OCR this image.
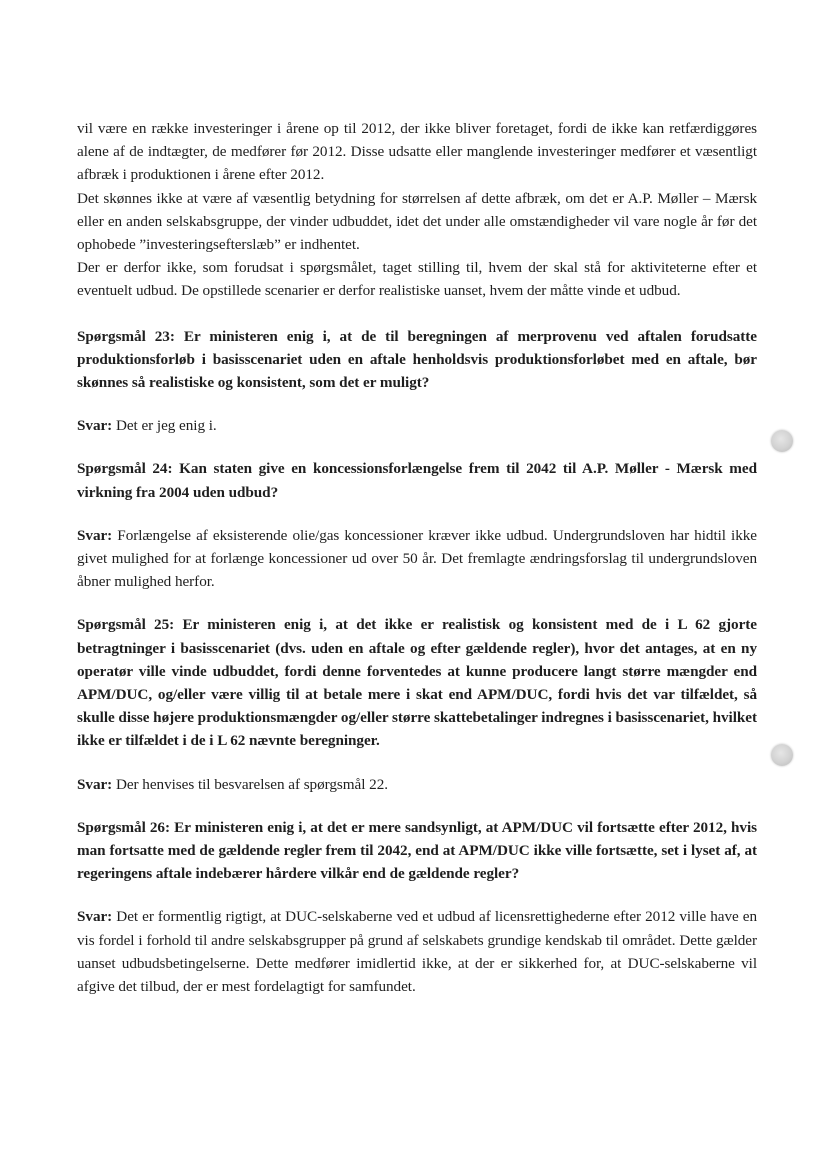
vil være en række investeringer i årene op til 2012, der ikke bliver foretaget, fordi de ikke kan retfærdiggøres alene af de indtægter, de medfører før 2012. Disse udsatte eller manglende investeringer medfører et væsentligt afbræk i produktionen i årene efter 2012.

Det skønnes ikke at være af væsentlig betydning for størrelsen af dette afbræk, om det er A.P. Møller – Mærsk eller en anden selskabsgruppe, der vinder udbuddet, idet det under alle omstændigheder vil vare nogle år før det ophobede ”investeringsefterslæb” er indhentet.

Der er derfor ikke, som forudsat i spørgsmålet, taget stilling til, hvem der skal stå for aktiviteterne efter et eventuelt udbud. De opstillede scenarier er derfor realistiske uanset, hvem der måtte vinde et udbud.

Spørgsmål 23: Er ministeren enig i, at de til beregningen af merprovenu ved aftalen forudsatte produktionsforløb i basisscenariet uden en aftale henholdsvis produktionsforløbet med en aftale, bør skønnes så realistiske og konsistent, som det er muligt?

Svar: Det er jeg enig i.

Spørgsmål 24: Kan staten give en koncessionsforlængelse frem til 2042 til A.P. Møller - Mærsk med virkning fra 2004 uden udbud?

Svar: Forlængelse af eksisterende olie/gas koncessioner kræver ikke udbud. Undergrundsloven har hidtil ikke givet mulighed for at forlænge koncessioner ud over 50 år. Det fremlagte ændringsforslag til undergrundsloven åbner mulighed herfor.

Spørgsmål 25: Er ministeren enig i, at det ikke er realistisk og konsistent med de i L 62 gjorte betragtninger i basisscenariet (dvs. uden en aftale og efter gældende regler), hvor det antages, at en ny operatør ville vinde udbuddet, fordi denne forventedes at kunne producere langt større mængder end APM/DUC, og/eller være villig til at betale mere i skat end APM/DUC, fordi hvis det var tilfældet, så skulle disse højere produktionsmængder og/eller større skattebetalinger indregnes i basisscenariet, hvilket ikke er tilfældet i de i L 62 nævnte beregninger.

Svar: Der henvises til besvarelsen af spørgsmål 22.

Spørgsmål 26: Er ministeren enig i, at det er mere sandsynligt, at APM/DUC vil fortsætte efter 2012, hvis man fortsatte med de gældende regler frem til 2042, end at APM/DUC ikke ville fortsætte, set i lyset af, at regeringens aftale indebærer hårdere vilkår end de gældende regler?

Svar: Det er formentlig rigtigt, at DUC-selskaberne ved et udbud af licensrettighederne efter 2012 ville have en vis fordel i forhold til andre selskabsgrupper på grund af selskabets grundige kendskab til området. Dette gælder uanset udbudsbetingelserne. Dette medfører imidlertid ikke, at der er sikkerhed for, at DUC-selskaberne vil afgive det tilbud, der er mest fordelagtigt for samfundet.
